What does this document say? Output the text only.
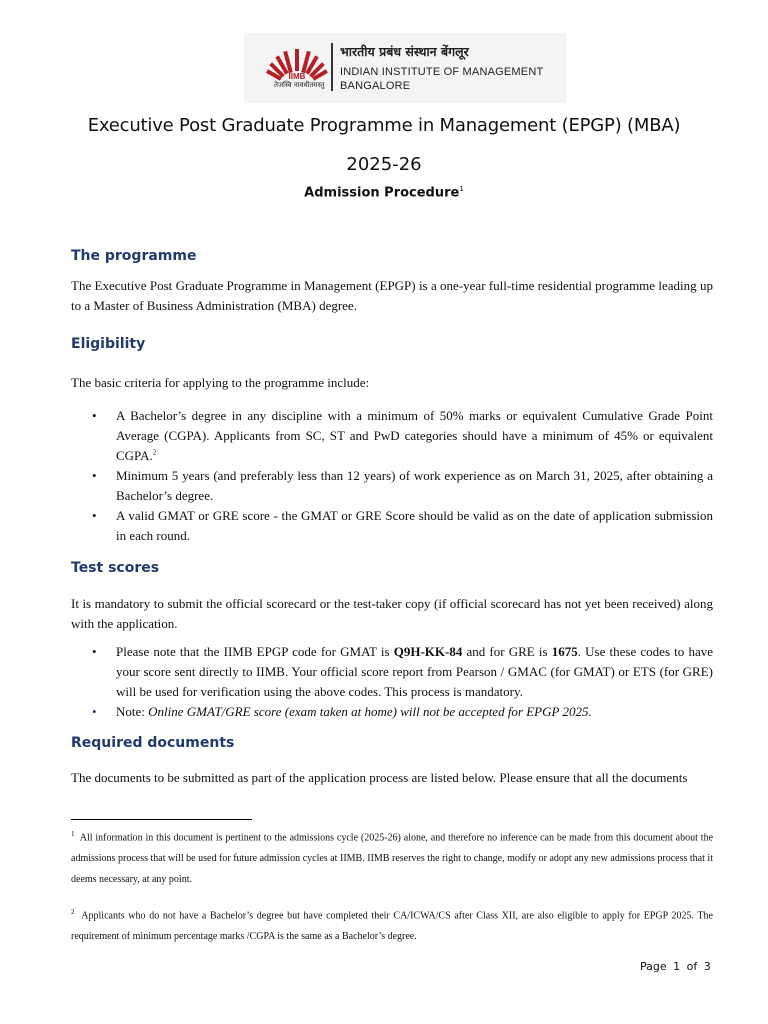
IIMB
तेजस्वि नावधीतमस्तु
भारतीय प्रबंध संस्थान बेंगलूर
INDIAN INSTITUTE OF MANAGEMENT
BANGALORE
Executive Post Graduate Programme in Management (EPGP) (MBA)
2025-26
Admission Procedure$^1$
The programme
The Executive Post Graduate Programme in Management (EPGP) is a one-year full-time residential programme leading up to a Master of Business Administration (MBA) degree.
Eligibility
The basic criteria for applying to the programme include:
• A Bachelor’s degree in any discipline with a minimum of 50% marks or equivalent Cumulative Grade Point Average (CGPA). Applicants from SC, ST and PwD categories should have a minimum of 45% or equivalent CGPA.$^2$
• Minimum 5 years (and preferably less than 12 years) of work experience as on March 31, 2025, after obtaining a Bachelor’s degree.
• A valid GMAT or GRE score - the GMAT or GRE Score should be valid as on the date of application submission in each round.
Test scores
It is mandatory to submit the official scorecard or the test-taker copy (if official scorecard has not yet been received) along with the application.
• Please note that the IIMB EPGP code for GMAT is Q9H-KK-84 and for GRE is 1675. Use these codes to have your score sent directly to IIMB. Your official score report from Pearson / GMAC (for GMAT) or ETS (for GRE) will be used for verification using the above codes. This process is mandatory.
• Note: Online GMAT/GRE score (exam taken at home) will not be accepted for EPGP 2025.
Required documents
The documents to be submitted as part of the application process are listed below. Please ensure that all the documents
$^1$ All information in this document is pertinent to the admissions cycle (2025-26) alone, and therefore no inference can be made from this document about the admissions process that will be used for future admission cycles at IIMB. IIMB reserves the right to change, modify or adopt any new admissions process that it deems necessary, at any point.
$^2$ Applicants who do not have a Bachelor’s degree but have completed their CA/ICWA/CS after Class XII, are also eligible to apply for EPGP 2025. The requirement of minimum percentage marks /CGPA is the same as a Bachelor’s degree.
Page 1 of 3
